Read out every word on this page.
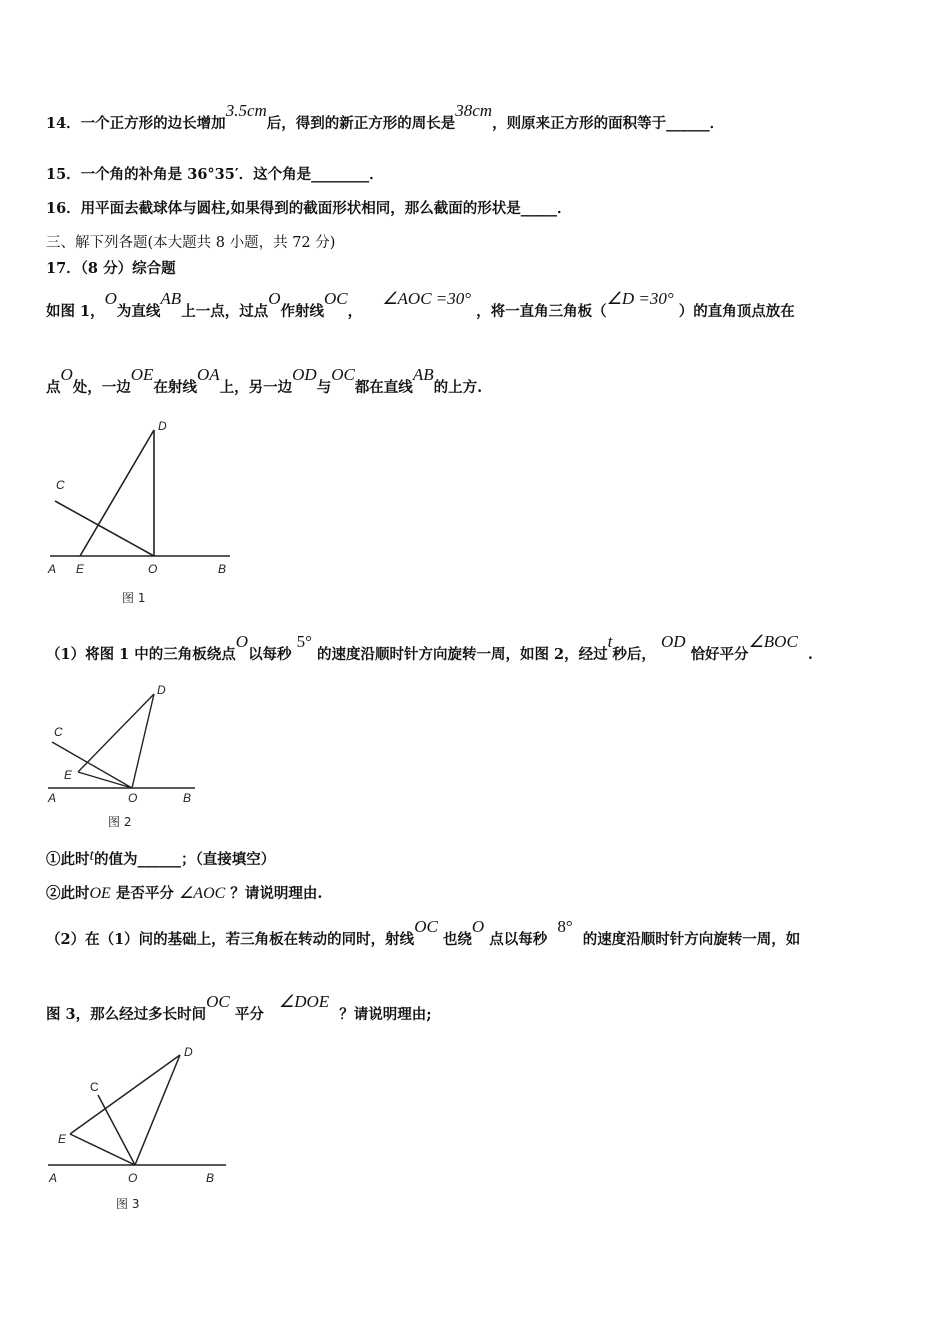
14．一个正方形的边长增加3.5cm后，得到的新正方形的周长是38cm，则原来正方形的面积等于______．
15．一个角的补角是 36°35′．这个角是________．
16．用平面去截球体与圆柱,如果得到的截面形状相同，那么截面的形状是_____．
三、解下列各题(本大题共 8 小题，共 72 分)
17．（8 分）综合题
如图 1，O为直线AB上一点，过点O作射线OC，    ∠AOC =30° ，将一直角三角板（∠D =30° ）的直角顶点放在
点O处，一边OE在射线OA上，另一边OD与OC都在直线AB的上方.
D
C
A E	O	B
图 1
（1）将图 1 中的三角板绕点O以每秒 5° 的速度沿顺时针方向旋转一周，如图 2，经过t秒后， OD 恰好平分∠BOC  .
D
C
E
A	O	B
图 2
①此时t的值为______；（直接填空）
②此时OE 是否平分 ∠AOC ？请说明理由.
（2）在（1）问的基础上，若三角板在转动的同时，射线OC 也绕O 点以每秒  8°  的速度沿顺时针方向旋转一周，如
图 3，那么经过多长时间OC 平分   ∠DOE  ？请说明理由;
D
C
E
A	O	B
图 3
